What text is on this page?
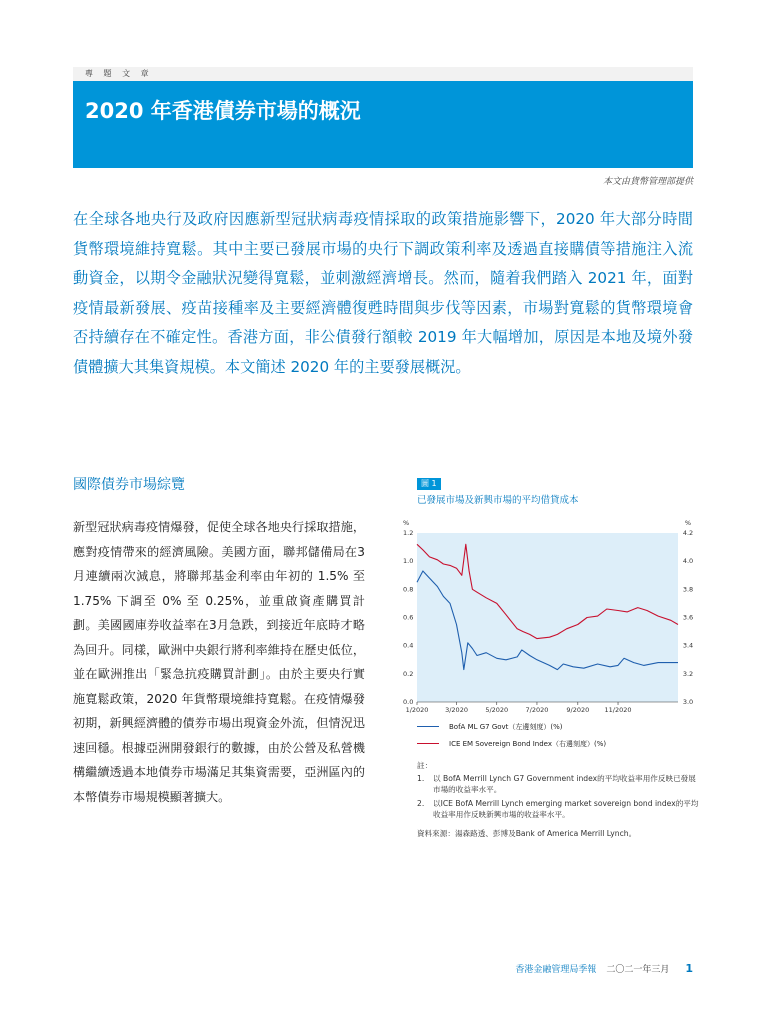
專 題 文 章
2020 年香港債券市場的概況
本文由貨幣管理部提供

在全球各地央行及政府因應新型冠狀病毒疫情採取的政策措施影響下，2020 年大部分時間貨幣環境維持寬鬆。其中主要已發展市場的央行下調政策利率及透過直接購債等措施注入流動資金，以期令金融狀況變得寬鬆，並刺激經濟增長。然而，隨着我們踏入 2021 年，面對疫情最新發展、疫苗接種率及主要經濟體復甦時間與步伐等因素，市場對寬鬆的貨幣環境會否持續存在不確定性。香港方面，非公債發行額較 2019 年大幅增加，原因是本地及境外發債體擴大其集資規模。本文簡述 2020 年的主要發展概況。

國際債券市場綜覽

新型冠狀病毒疫情爆發，促使全球各地央行採取措施，應對疫情帶來的經濟風險。美國方面，聯邦儲備局在3月連續兩次減息，將聯邦基金利率由年初的 1.5% 至 1.75% 下調至 0% 至 0.25%，並重啟資產購買計劃。美國國庫券收益率在3月急跌，到接近年底時才略為回升。同樣，歐洲中央銀行將利率維持在歷史低位，並在歐洲推出「緊急抗疫購買計劃」。由於主要央行實施寬鬆政策，2020 年貨幣環境維持寬鬆。在疫情爆發初期，新興經濟體的債券市場出現資金外流，但情況迅速回穩。根據亞洲開發銀行的數據，由於公營及私營機構繼續透過本地債券市場滿足其集資需要，亞洲區內的本幣債券市場規模顯著擴大。

圖 1
已發展市場及新興市場的平均借貸成本
%	%
0.0
0.2
0.4
0.6
0.8
1.0
1.2
3.0
3.2
3.4
3.6
3.8
4.0
4.2
1/2020	3/2020	5/2020	7/2020	9/2020 11/2020
BofA ML G7 Govt（左邊刻度）(%)
ICE EM Sovereign Bond Index（右邊刻度）(%)
註：
1.	以 BofA Merrill Lynch G7 Government index的平均收益率用作反映已發展市場的收益率水平。
2.	以ICE BofA Merrill Lynch emerging market sovereign bond index的平均收益率用作反映新興市場的收益率水平。
資料來源：湯森路透、彭博及Bank of America Merrill Lynch。
香港金融管理局季報 二〇二一年三月 1
